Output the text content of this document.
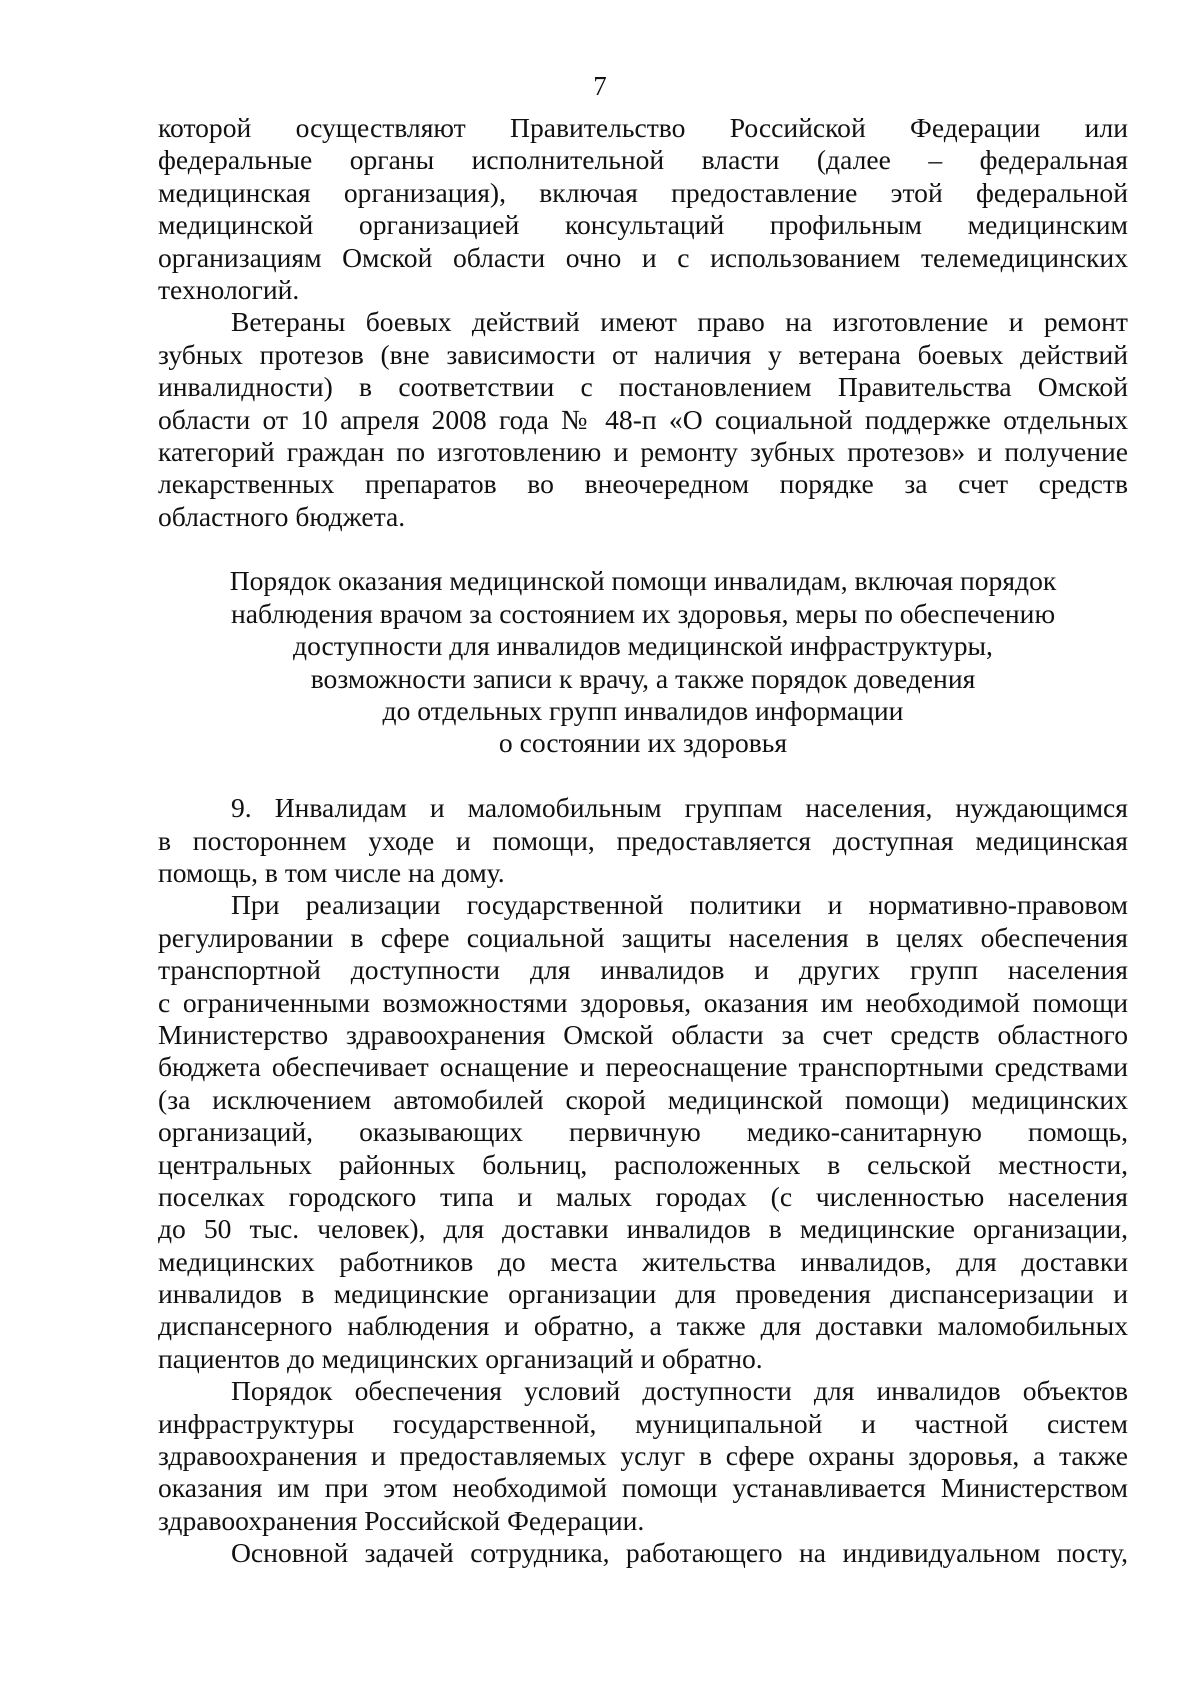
7
которой осуществляют Правительство Российской Федерации или
федеральные органы исполнительной власти (далее – федеральная
медицинская организация), включая предоставление этой федеральной
медицинской организацией консультаций профильным медицинским
организациям Омской области очно и с использованием телемедицинских
технологий.
Ветераны боевых действий имеют право на изготовление и ремонт
зубных протезов (вне зависимости от наличия у ветерана боевых действий
инвалидности) в соответствии с постановлением Правительства Омской
области от 10 апреля 2008 года № 48-п «О социальной поддержке отдельных
категорий граждан по изготовлению и ремонту зубных протезов» и получение
лекарственных препаратов во внеочередном порядке за счет средств
областного бюджета.
Порядок оказания медицинской помощи инвалидам, включая порядок
наблюдения врачом за состоянием их здоровья, меры по обеспечению
доступности для инвалидов медицинской инфраструктуры,
возможности записи к врачу, а также порядок доведения
до отдельных групп инвалидов информации
о состоянии их здоровья
9. Инвалидам и маломобильным группам населения, нуждающимся
в постороннем уходе и помощи, предоставляется доступная медицинская
помощь, в том числе на дому.
При реализации государственной политики и нормативно-правовом
регулировании в сфере социальной защиты населения в целях обеспечения
транспортной доступности для инвалидов и других групп населения
с ограниченными возможностями здоровья, оказания им необходимой помощи
Министерство здравоохранения Омской области за счет средств областного
бюджета обеспечивает оснащение и переоснащение транспортными средствами
(за исключением автомобилей скорой медицинской помощи) медицинских
организаций, оказывающих первичную медико-санитарную помощь,
центральных районных больниц, расположенных в сельской местности,
поселках городского типа и малых городах (с численностью населения
до 50 тыс. человек), для доставки инвалидов в медицинские организации,
медицинских работников до места жительства инвалидов, для доставки
инвалидов в медицинские организации для проведения диспансеризации и
диспансерного наблюдения и обратно, а также для доставки маломобильных
пациентов до медицинских организаций и обратно.
Порядок обеспечения условий доступности для инвалидов объектов
инфраструктуры государственной, муниципальной и частной систем
здравоохранения и предоставляемых услуг в сфере охраны здоровья, а также
оказания им при этом необходимой помощи устанавливается Министерством
здравоохранения Российской Федерации.
Основной задачей сотрудника, работающего на индивидуальном посту,
